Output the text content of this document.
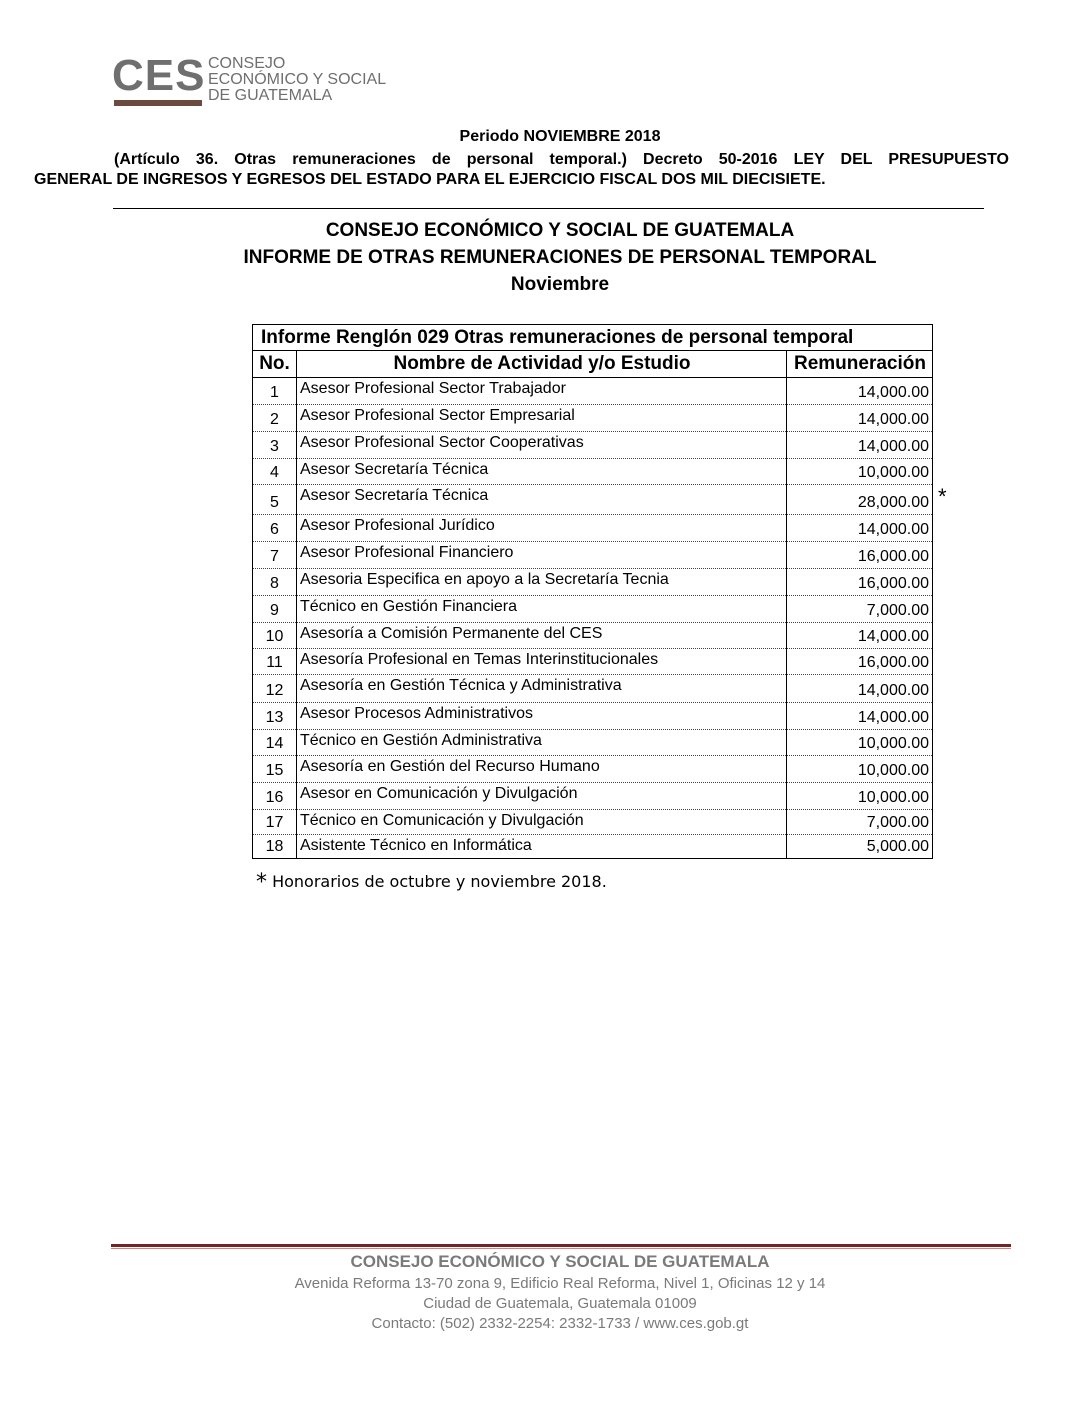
CES CONSEJO
ECONÓMICO Y SOCIAL
DE GUATEMALA
Periodo NOVIEMBRE 2018
(Artículo 36. Otras remuneraciones de personal temporal.) Decreto 50-2016 LEY DEL PRESUPUESTO
GENERAL DE INGRESOS Y EGRESOS DEL ESTADO PARA EL EJERCICIO FISCAL DOS MIL DIECISIETE.
CONSEJO ECONÓMICO Y SOCIAL DE GUATEMALA
INFORME DE OTRAS REMUNERACIONES DE PERSONAL TEMPORAL
Noviembre
Informe Renglón 029 Otras remuneraciones de personal temporal
No.	Nombre de Actividad y/o Estudio	Remuneración
1	Asesor Profesional Sector Trabajador	14,000.00
2	Asesor Profesional Sector Empresarial	14,000.00
3	Asesor Profesional Sector Cooperativas	14,000.00
4	Asesor Secretaría Técnica	10,000.00
5	Asesor Secretaría Técnica	28,000.00
6	Asesor Profesional Jurídico	14,000.00
7	Asesor Profesional Financiero	16,000.00
8	Asesoria Especifica en apoyo a la Secretaría Tecnia	16,000.00
9	Técnico en Gestión Financiera	7,000.00
10	Asesoría a Comisión Permanente del CES	14,000.00
11	Asesoría Profesional en Temas Interinstitucionales	16,000.00
12	Asesoría en Gestión Técnica y Administrativa	14,000.00
13	Asesor Procesos Administrativos	14,000.00
14	Técnico en Gestión Administrativa	10,000.00
15	Asesoría en Gestión del Recurso Humano	10,000.00
16	Asesor en Comunicación y Divulgación	10,000.00
17	Técnico en Comunicación y Divulgación	7,000.00
18	Asistente Técnico en Informática	5,000.00
*
* Honorarios de octubre y noviembre 2018.
CONSEJO ECONÓMICO Y SOCIAL DE GUATEMALA
Avenida Reforma 13-70 zona 9, Edificio Real Reforma, Nivel 1, Oficinas 12 y 14
Ciudad de Guatemala, Guatemala 01009
Contacto: (502) 2332-2254: 2332-1733 / www.ces.gob.gt
